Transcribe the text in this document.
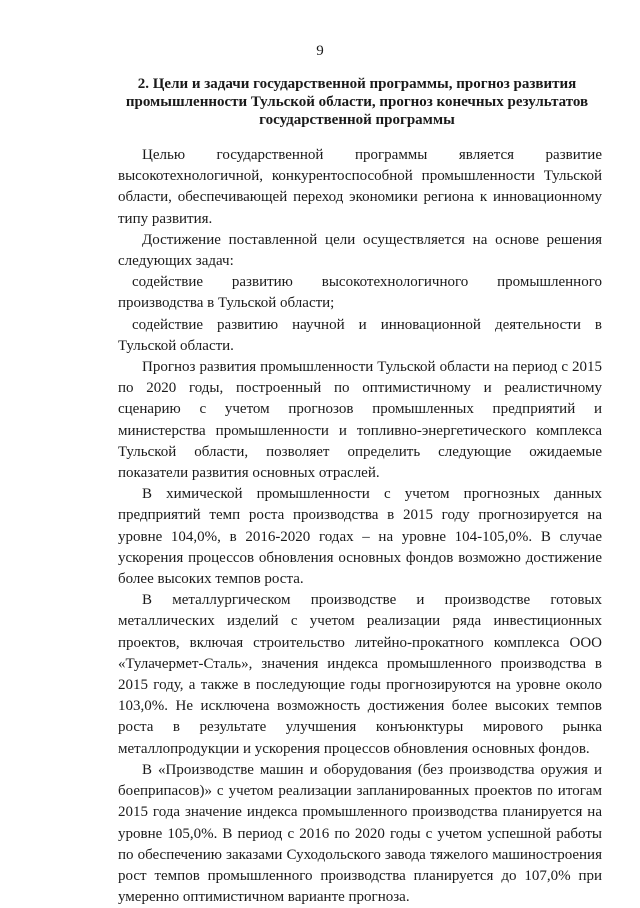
9
2. Цели и задачи государственной программы, прогноз развития промышленности Тульской области, прогноз конечных результатов государственной программы

Целью государственной программы является развитие высокотехнологичной, конкурентоспособной промышленности Тульской области, обеспечивающей переход экономики региона к инновационному типу развития.

Достижение поставленной цели осуществляется на основе решения следующих задач:

содействие развитию высокотехнологичного промышленного производства в Тульской области;

содействие развитию научной и инновационной деятельности в Тульской области.

Прогноз развития промышленности Тульской области на период с 2015 по 2020 годы, построенный по оптимистичному и реалистичному сценарию с учетом прогнозов промышленных предприятий и министерства промышленности и топливно-энергетического комплекса Тульской области, позволяет определить следующие ожидаемые показатели развития основных отраслей.

В химической промышленности с учетом прогнозных данных предприятий темп роста производства в 2015 году прогнозируется на уровне 104,0%, в 2016-2020 годах – на уровне 104-105,0%. В случае ускорения процессов обновления основных фондов возможно достижение более высоких темпов роста.

В металлургическом производстве и производстве готовых металлических изделий с учетом реализации ряда инвестиционных проектов, включая строительство литейно-прокатного комплекса ООО «Тулачермет-Сталь», значения индекса промышленного производства в 2015 году, а также в последующие годы прогнозируются на уровне около 103,0%. Не исключена возможность достижения более высоких темпов роста в результате улучшения конъюнктуры мирового рынка металлопродукции и ускорения процессов обновления основных фондов.

В «Производстве машин и оборудования (без производства оружия и боеприпасов)» с учетом реализации запланированных проектов по итогам 2015 года значение индекса промышленного производства планируется на уровне 105,0%. В период с 2016 по 2020 годы с учетом успешной работы по обеспечению заказами Суходольского завода тяжелого машиностроения рост темпов промышленного производства планируется до 107,0% при умеренно оптимистичном варианте прогноза.
